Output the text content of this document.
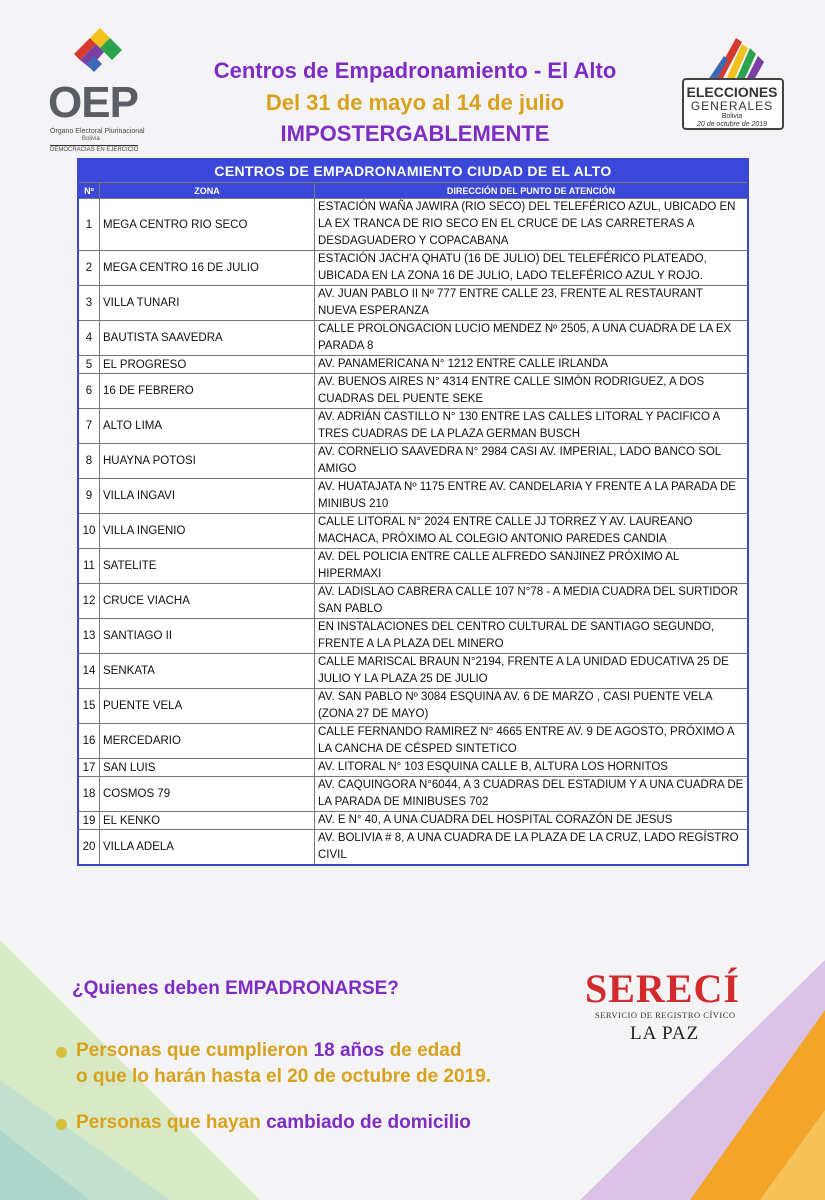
OEP
Órgano Electoral Plurinacional
Bolivia
DEMOCRACIAS EN EJERCICIO
Centros de Empadronamiento - El Alto
Del 31 de mayo al 14 de julio
IMPOSTERGABLEMENTE
ELECCIONES
GENERALES
Bolivia
20 de octubre de 2019
CENTROS DE EMPADRONAMIENTO CIUDAD DE EL ALTO		
Nº	ZONA	DIRECCIÓN DEL PUNTO DE ATENCIÓN
1	MEGA CENTRO RIO SECO	ESTACIÓN WAÑA JAWIRA (RIO SECO) DEL TELEFÉRICO AZUL, UBICADO EN LA EX TRANCA DE RIO SECO EN EL CRUCE DE LAS CARRETERAS A DESDAGUADERO Y COPACABANA
2	MEGA CENTRO 16 DE JULIO	ESTACIÓN JACH'A QHATU (16 DE JULIO) DEL TELEFÉRICO PLATEADO, UBICADA EN LA ZONA 16 DE JULIO, LADO TELEFÉRICO AZUL Y ROJO.
3	VILLA TUNARI	AV. JUAN PABLO II Nº 777 ENTRE CALLE 23, FRENTE AL RESTAURANT NUEVA ESPERANZA
4	BAUTISTA SAAVEDRA	CALLE PROLONGACION LUCIO MENDEZ Nº 2505, A UNA CUADRA DE LA EX PARADA 8
5	EL PROGRESO	AV. PANAMERICANA N° 1212 ENTRE CALLE IRLANDA
6	16 DE FEBRERO	AV. BUENOS AIRES N° 4314 ENTRE CALLE SIMÓN RODRIGUEZ, A DOS CUADRAS DEL PUENTE SEKE
7	ALTO LIMA	AV. ADRIÁN CASTILLO N° 130 ENTRE LAS CALLES LITORAL Y PACIFICO A TRES CUADRAS DE LA PLAZA GERMAN BUSCH
8	HUAYNA POTOSI	AV. CORNELIO SAAVEDRA N° 2984 CASI AV. IMPERIAL, LADO BANCO SOL AMIGO
9	VILLA INGAVI	AV. HUATAJATA Nº 1175 ENTRE AV. CANDELARIA Y FRENTE A LA PARADA DE MINIBUS 210
10	VILLA INGENIO	CALLE LITORAL N° 2024 ENTRE CALLE JJ TORREZ Y AV. LAUREANO MACHACA, PRÓXIMO AL COLEGIO ANTONIO PAREDES CANDIA
11	SATELITE	AV. DEL POLICIA ENTRE CALLE ALFREDO SANJINEZ PRÓXIMO AL HIPERMAXI
12	CRUCE VIACHA	AV. LADISLAO CABRERA CALLE 107 N°78 - A MEDIA CUADRA DEL SURTIDOR SAN PABLO
13	SANTIAGO II	EN INSTALACIONES DEL CENTRO CULTURAL DE SANTIAGO SEGUNDO, FRENTE A LA PLAZA DEL MINERO
14	SENKATA	CALLE MARISCAL BRAUN N°2194, FRENTE A LA UNIDAD EDUCATIVA 25 DE JULIO Y LA PLAZA 25 DE JULIO
15	PUENTE VELA	AV. SAN PABLO Nº 3084 ESQUINA AV. 6 DE MARZO , CASI PUENTE VELA (ZONA 27 DE MAYO)
16	MERCEDARIO	CALLE FERNANDO RAMIREZ N° 4665 ENTRE AV. 9 DE AGOSTO, PRÓXIMO A LA CANCHA DE CÉSPED SINTETICO
17	SAN LUIS	AV. LITORAL N° 103 ESQUINA CALLE B, ALTURA LOS HORNITOS
18	COSMOS 79	AV. CAQUINGORA N°6044, A 3 CUADRAS DEL ESTADIUM Y A UNA CUADRA DE LA PARADA DE MINIBUSES 702
19	EL KENKO	AV. E N° 40, A UNA CUADRA DEL HOSPITAL CORAZÓN DE JESUS
20	VILLA ADELA	AV. BOLIVIA # 8, A UNA CUADRA DE LA PLAZA DE LA CRUZ, LADO REGÍSTRO CIVIL
¿Quienes deben EMPADRONARSE?
Personas que cumplieron 18 años de edad
o que lo harán hasta el 20 de octubre de 2019.
Personas que hayan cambiado de domicilio
SERECÍ
SERVICIO DE REGISTRO CÍVICO
LA PAZ
